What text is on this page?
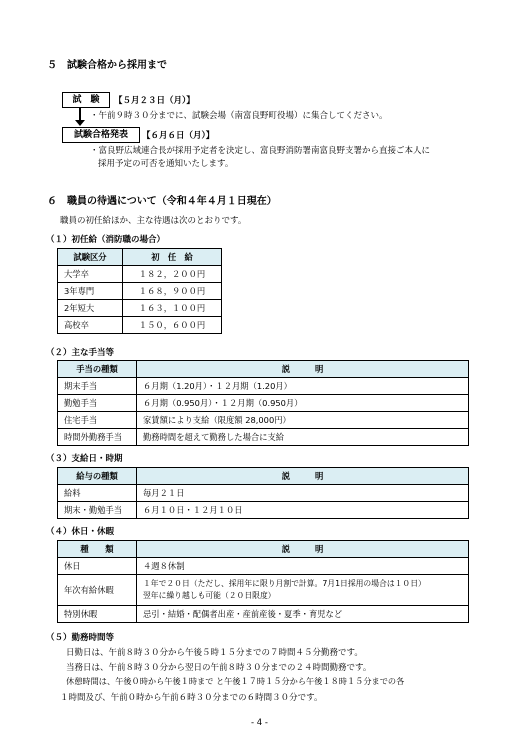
５　試験合格から採用まで
試　験	【５月２３日（月）】
・午前９時３０分までに、試験会場（南富良野町役場）に集合してください。
試験合格発表	【６月６日（月）】
・富良野広域連合長が採用予定者を決定し、富良野消防署南富良野支署から直接ご本人に
採用予定の可否を通知いたします。
６　職員の待遇について（令和４年４月１日現在）
職員の初任給ほか、主な待遇は次のとおりです。
（１）初任給（消防職の場合）
試験区分	初　任　給
大学卒	１８２，２００円
3年専門	１６８，９００円
2年短大	１６３，１００円
高校卒	１５０，６００円
（２）主な手当等
手当の種類	説　　　明
期末手当	６月期（1.20月）・１２月期（1.20月）
勤勉手当	６月期（0.950月）・１２月期（0.950月）
住宅手当	家賃額により支給（限度額 28,000円）
時間外勤務手当	勤務時間を超えて勤務した場合に支給
（３）支給日・時期
給与の種類	説　　　明
給料	毎月２１日
期末・勤勉手当	６月１０日・１２月１０日
（４）休日・休暇
種　　類	説　　　明
休日	４週８休制
年次有給休暇	１年で２０日（ただし、採用年に限り月割で計算。7月1日採用の場合は１０日）
翌年に繰り越しも可能（２０日限度）

特別休暇	忌引・結婚・配偶者出産・産前産後・夏季・育児など
（５）勤務時間等
日勤日は、午前８時３０分から午後５時１５分までの７時間４５分勤務です。
当務日は、午前８時３０分から翌日の午前８時３０分までの２４時間勤務です。
休憩時間は、午後０時から午後１時まで と午後１７時１５分から午後１８時１５分までの各
１時間及び、午前０時から午前６時３０分までの６時間３０分です。
- 4 -
